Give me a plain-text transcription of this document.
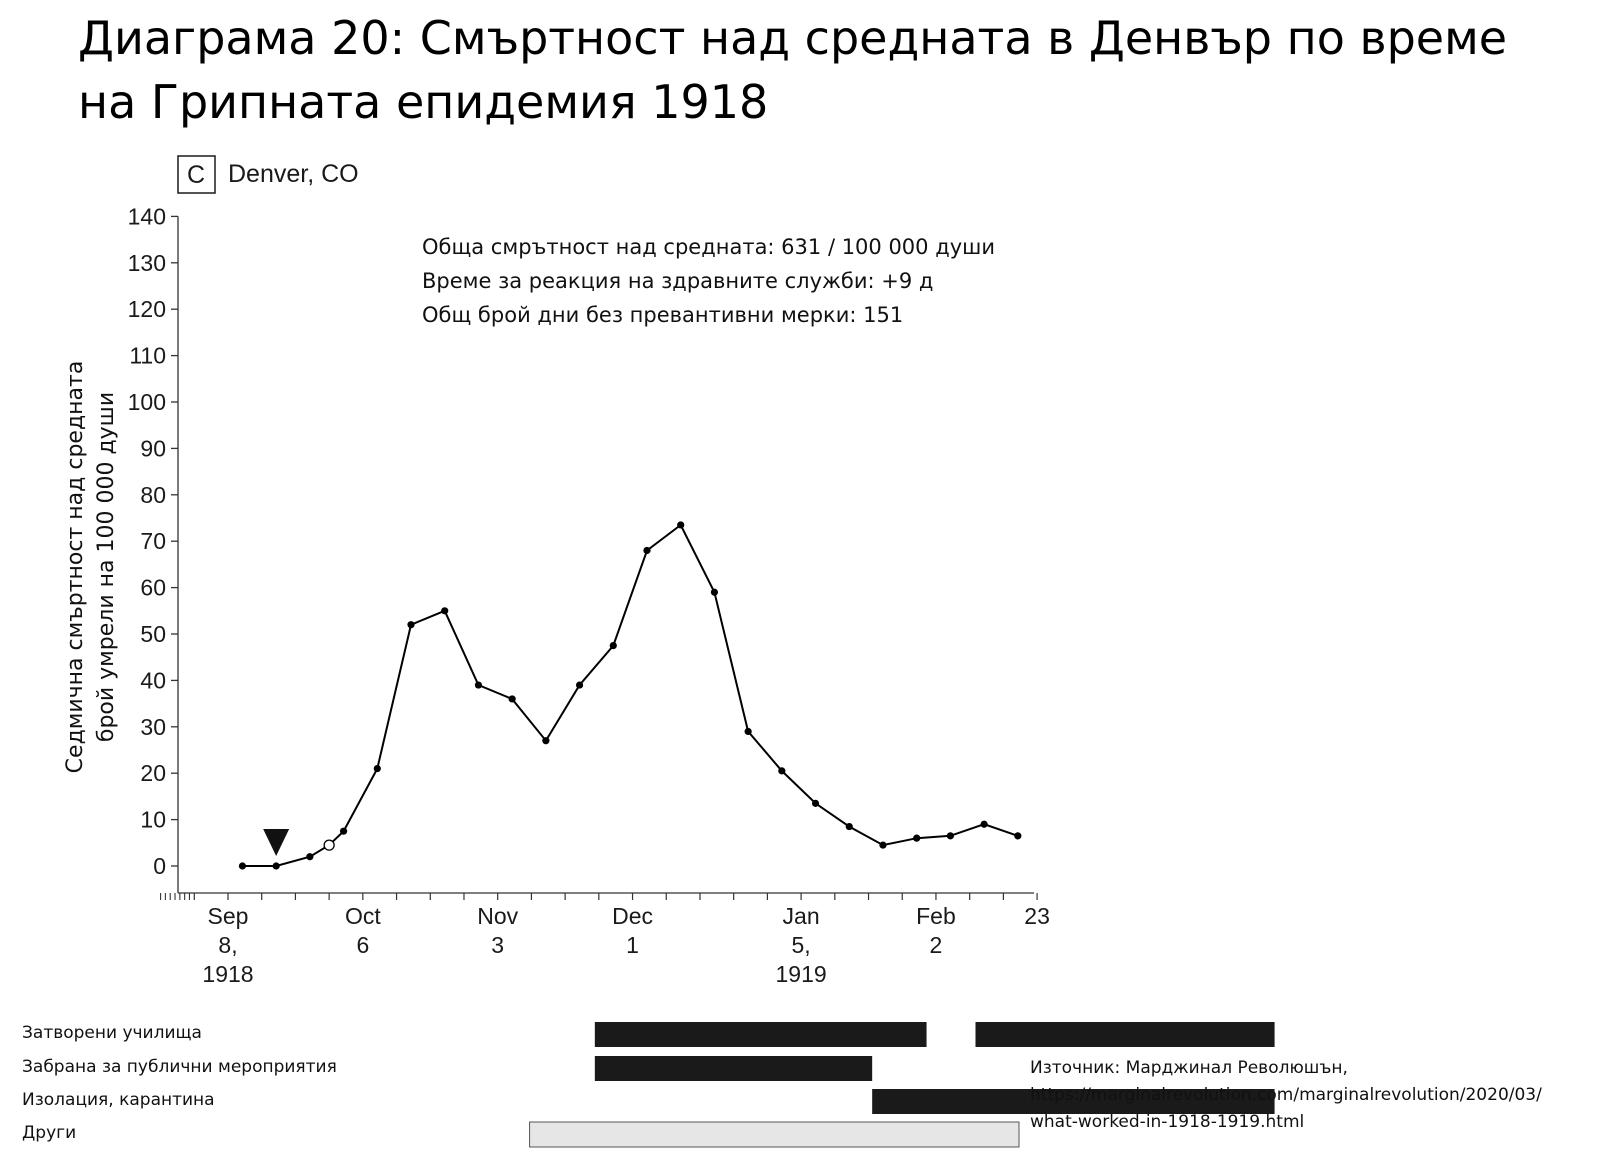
Диаграма 20: Смъртност над средната в Денвър по време
на Грипната епидемия 1918
C Denver, CO
Обща смрътност над средната: 631 / 100 000 души
Време за реакция на здравните служби: +9 д
Общ брой дни без превантивни мерки: 151
0
10
20
30
40
50
60
70
80
90
100
110
120
130
140
Sep
8,
1918
Oct
6
Nov
3
Dec
1
Jan
5,
1919
Feb
2
23
Седмична смъртност над средната брой умрели на 100 000 души
Затворени училища
Забрана за публични мероприятия
Изолация, карантина
Други
Източник: Марджинал Революшън,
https://marginalrevolution.com/marginalrevolution/2020/03/
what-worked-in-1918-1919.html
